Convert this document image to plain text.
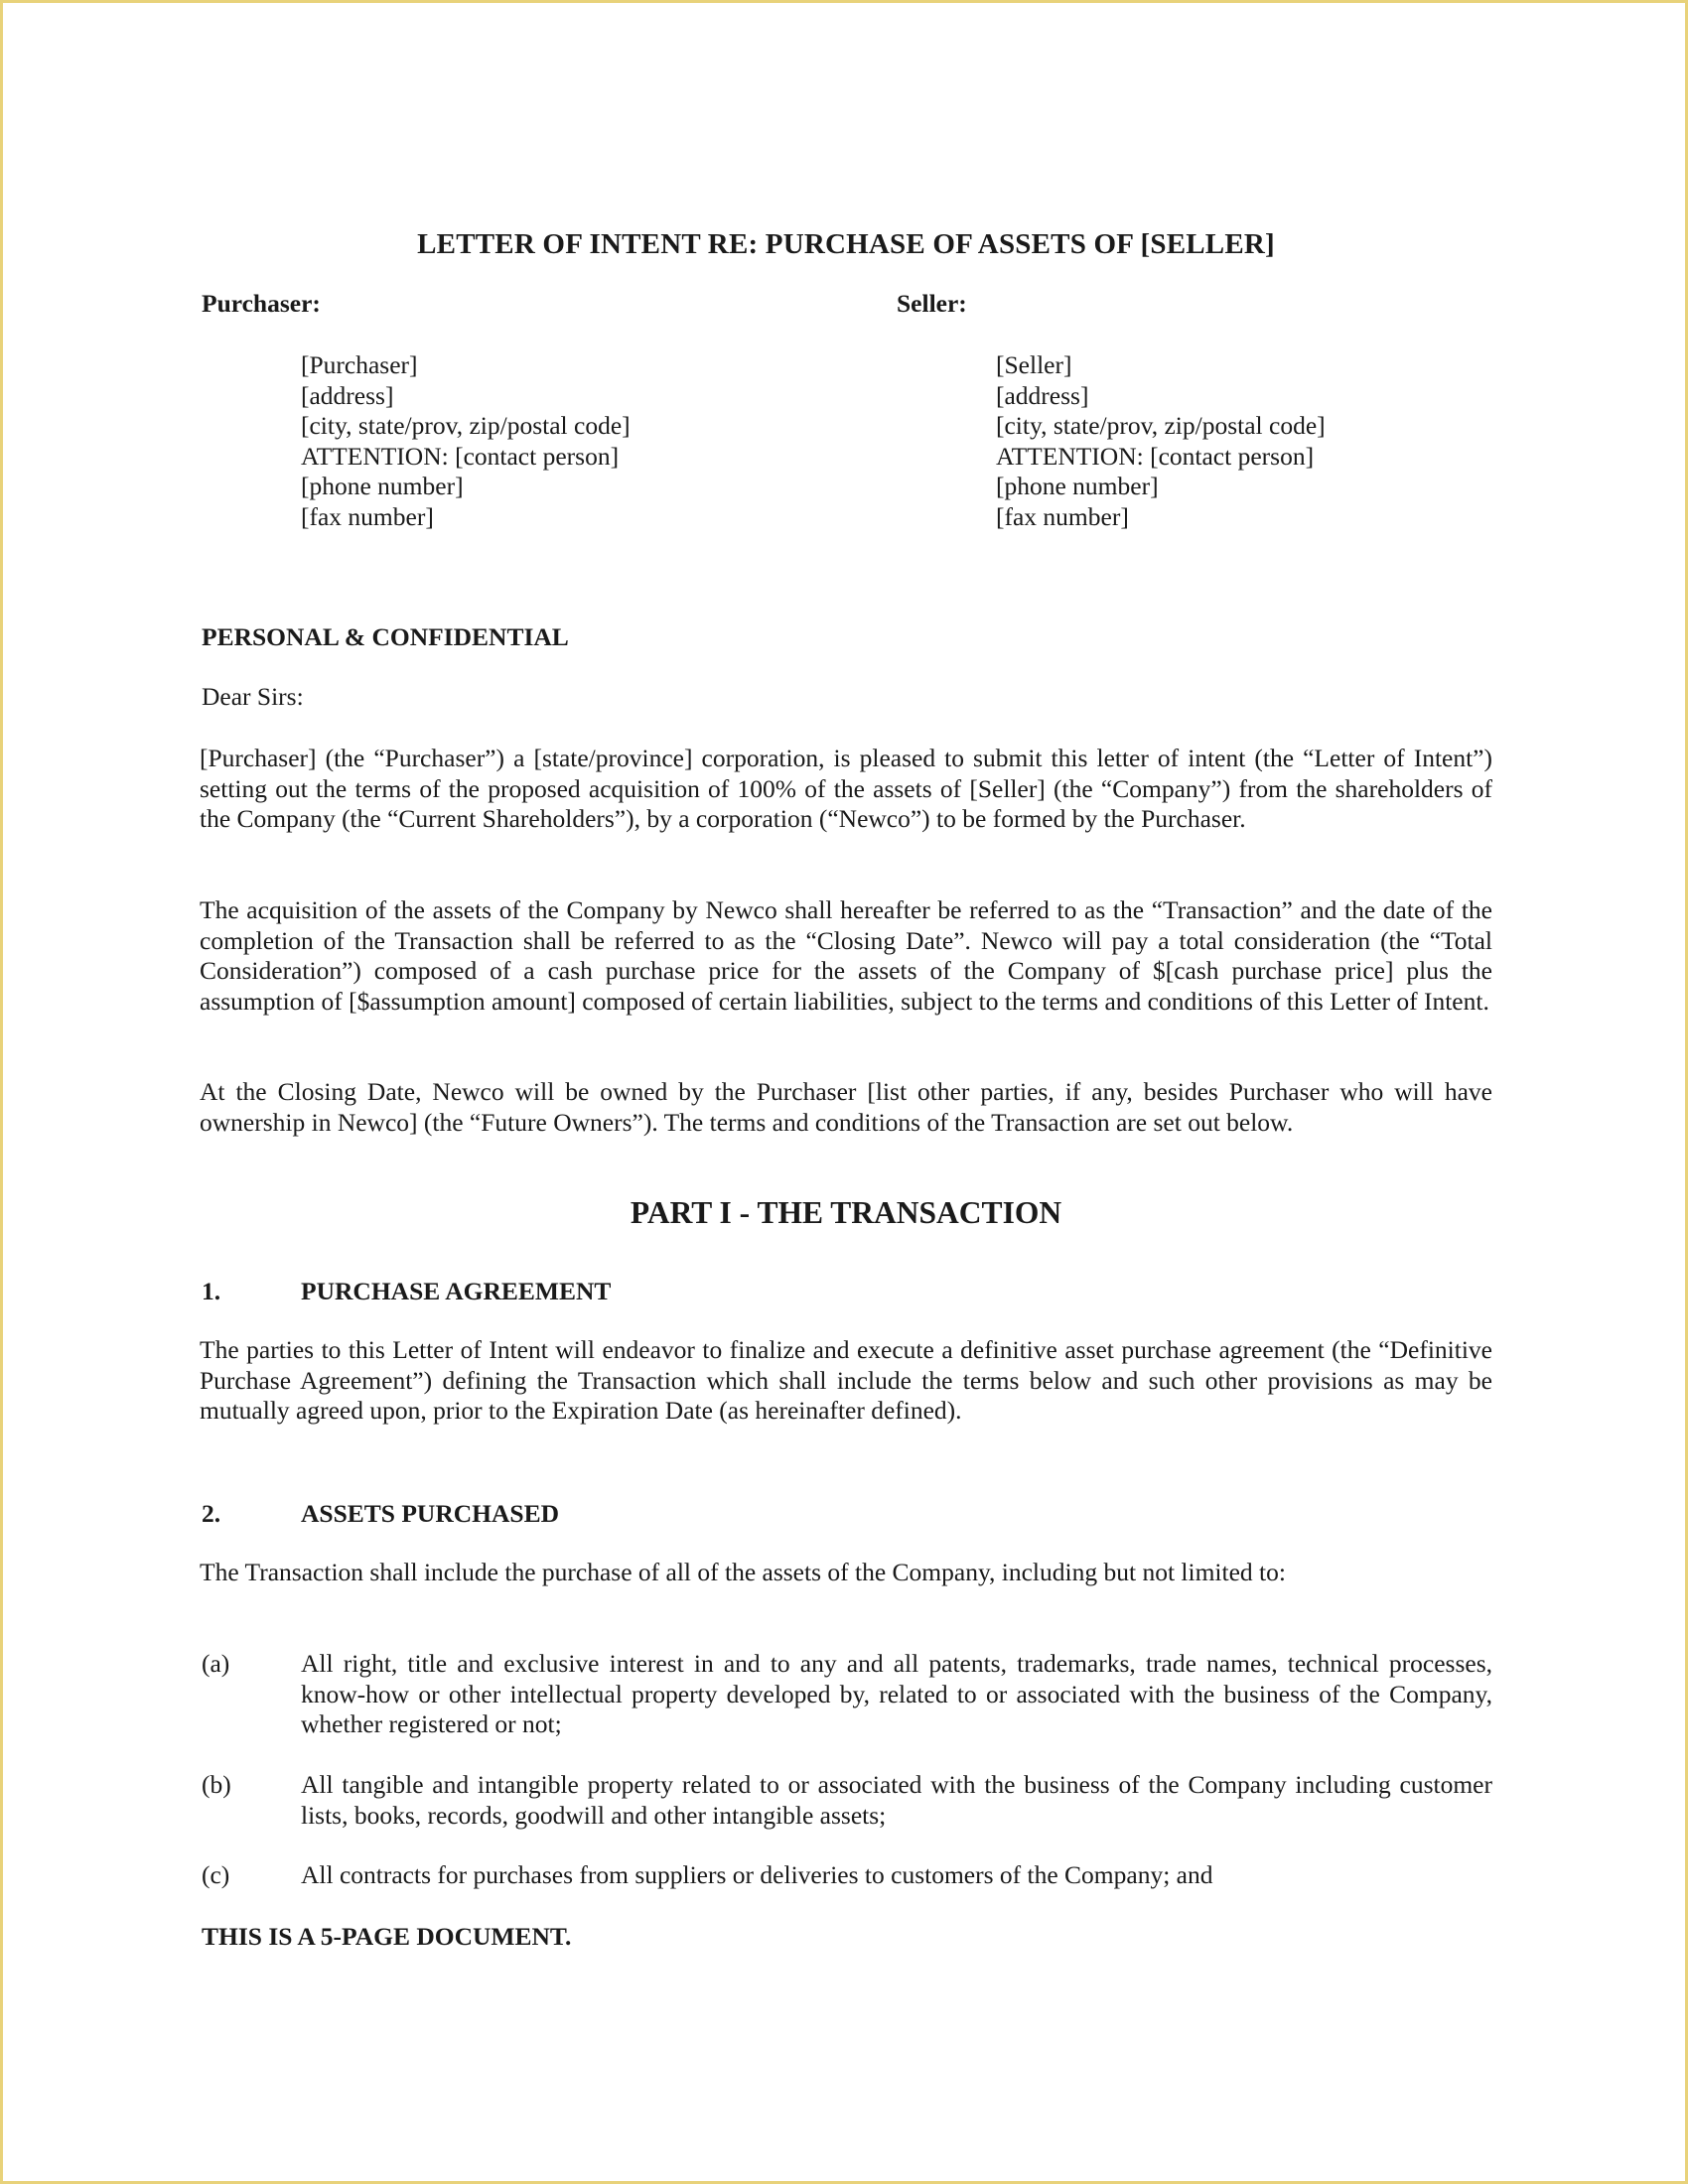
LETTER OF INTENT RE: PURCHASE OF ASSETS OF [SELLER]
Purchaser:	Seller:
[Purchaser]
[address]
[city, state/prov, zip/postal code]
ATTENTION: [contact person]
[phone number]
[fax number]
[Seller]
[address]
[city, state/prov, zip/postal code]
ATTENTION: [contact person]
[phone number]
[fax number]
PERSONAL & CONFIDENTIAL
Dear Sirs:

[Purchaser] (the “Purchaser”) a [state/province] corporation, is pleased to submit this letter of intent (the “Letter of Intent”) setting out the terms of the proposed acquisition of 100% of the assets of [Seller] (the “Company”) from the shareholders of the Company (the “Current Shareholders”), by a corporation (“Newco”) to be formed by the Purchaser.

The acquisition of the assets of the Company by Newco shall hereafter be referred to as the “Transaction” and the date of the completion of the Transaction shall be referred to as the “Closing Date”. Newco will pay a total consideration (the “Total Consideration”) composed of a cash purchase price for the assets of the Company of $[cash purchase price] plus the assumption of [$assumption amount] composed of certain liabilities, subject to the terms and conditions of this Letter of Intent.

At the Closing Date, Newco will be owned by the Purchaser [list other parties, if any, besides Purchaser who will have ownership in Newco] (the “Future Owners”). The terms and conditions of the Transaction are set out below.

PART I - THE TRANSACTION
1.	PURCHASE AGREEMENT

The parties to this Letter of Intent will endeavor to finalize and execute a definitive asset purchase agreement (the “Definitive Purchase Agreement”) defining the Transaction which shall include the terms below and such other provisions as may be mutually agreed upon, prior to the Expiration Date (as hereinafter defined).

2.	ASSETS PURCHASED

The Transaction shall include the purchase of all of the assets of the Company, including but not limited to:

(a)	All right, title and exclusive interest in and to any and all patents, trademarks, trade names, technical processes, know-how or other intellectual property developed by, related to or associated with the business of the Company, whether registered or not;
(b)	All tangible and intangible property related to or associated with the business of the Company including customer lists, books, records, goodwill and other intangible assets;
(c)	All contracts for purchases from suppliers or deliveries to customers of the Company; and
THIS IS A 5-PAGE DOCUMENT.
